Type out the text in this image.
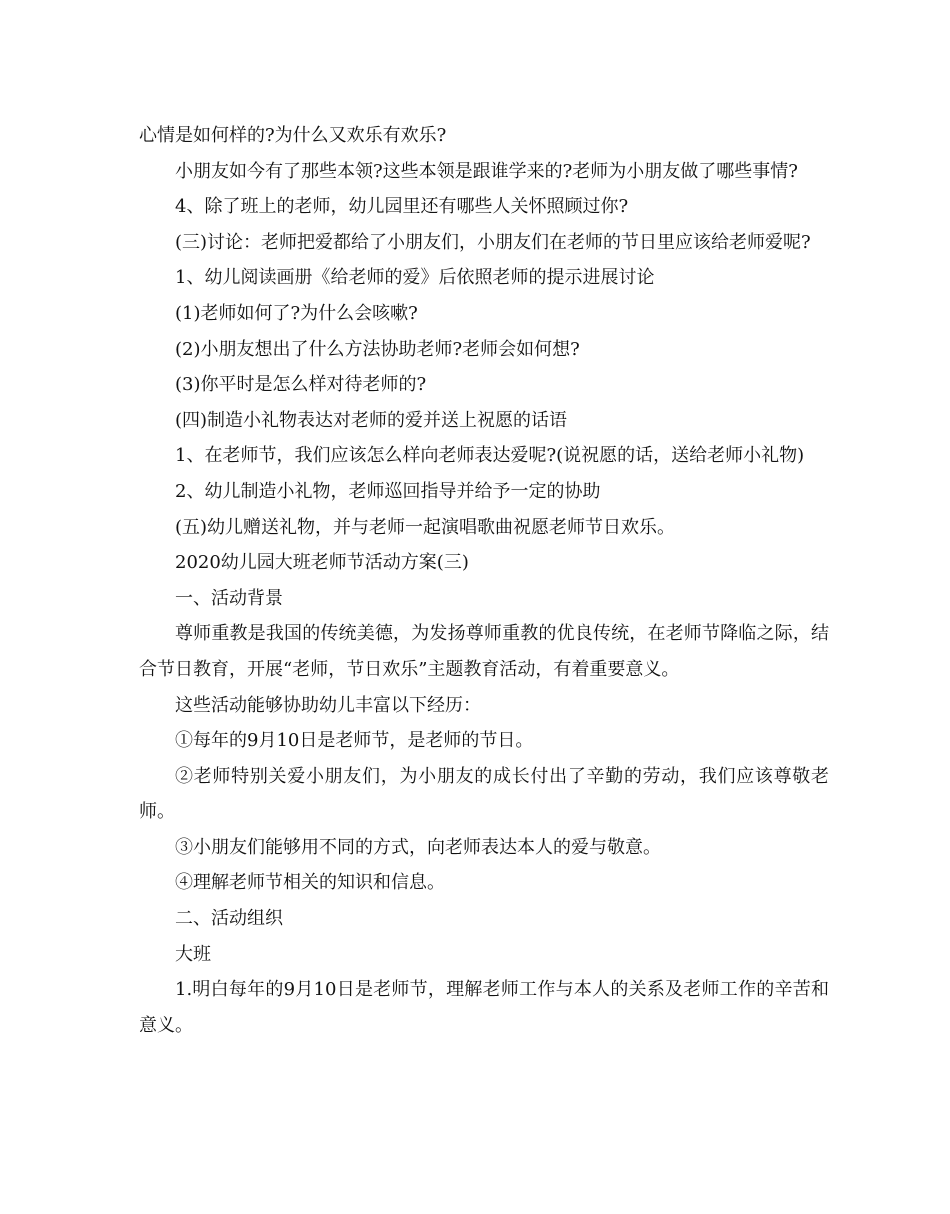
心情是如何样的?为什么又欢乐有欢乐?

小朋友如今有了那些本领?这些本领是跟谁学来的?老师为小朋友做了哪些事情?

4、除了班上的老师，幼儿园里还有哪些人关怀照顾过你?

(三)讨论：老师把爱都给了小朋友们，小朋友们在老师的节日里应该给老师爱呢?

1、幼儿阅读画册《给老师的爱》后依照老师的提示进展讨论

(1)老师如何了?为什么会咳嗽?

(2)小朋友想出了什么方法协助老师?老师会如何想?

(3)你平时是怎么样对待老师的?

(四)制造小礼物表达对老师的爱并送上祝愿的话语

1、在老师节，我们应该怎么样向老师表达爱呢?(说祝愿的话，送给老师小礼物)

2、幼儿制造小礼物，老师巡回指导并给予一定的协助

(五)幼儿赠送礼物，并与老师一起演唱歌曲祝愿老师节日欢乐。

2020幼儿园大班老师节活动方案(三)

一、活动背景

尊师重教是我国的传统美德，为发扬尊师重教的优良传统，在老师节降临之际，结合节日教育，开展“老师，节日欢乐”主题教育活动，有着重要意义。

这些活动能够协助幼儿丰富以下经历：

①每年的9月10日是老师节，是老师的节日。

②老师特别关爱小朋友们，为小朋友的成长付出了辛勤的劳动，我们应该尊敬老师。

③小朋友们能够用不同的方式，向老师表达本人的爱与敬意。

④理解老师节相关的知识和信息。

二、活动组织

大班

1.明白每年的9月10日是老师节，理解老师工作与本人的关系及老师工作的辛苦和意义。
